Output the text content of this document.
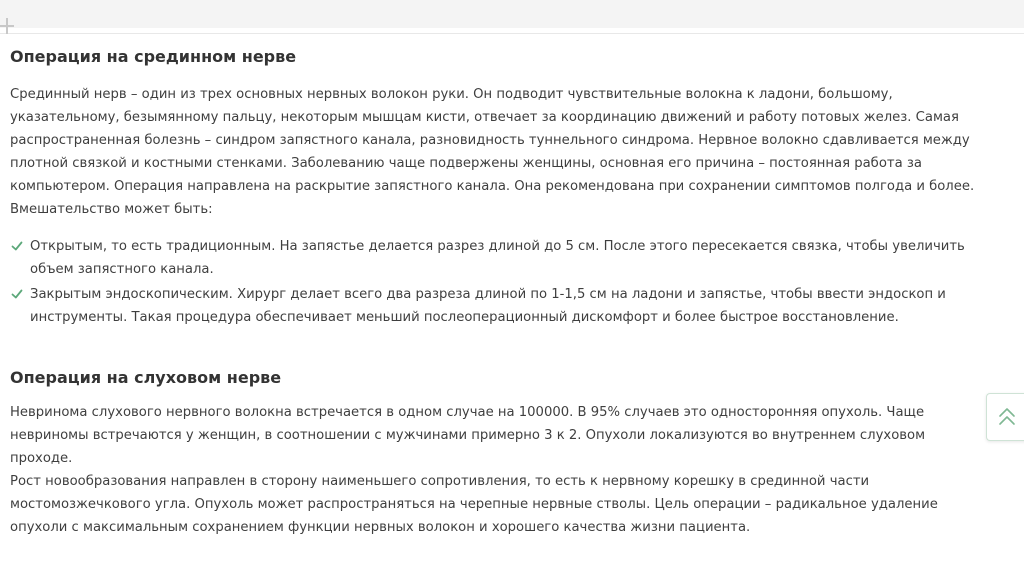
Операция на срединном нерве

Срединный нерв – один из трех основных нервных волокон руки. Он подводит чувствительные волокна к ладони, большому,
указательному, безымянному пальцу, некоторым мышцам кисти, отвечает за координацию движений и работу потовых желез. Самая
распространенная болезнь – синдром запястного канала, разновидность туннельного синдрома. Нервное волокно сдавливается между
плотной связкой и костными стенками. Заболеванию чаще подвержены женщины, основная его причина – постоянная работа за
компьютером. Операция направлена на раскрытие запястного канала. Она рекомендована при сохранении симптомов полгода и более.
Вмешательство может быть:

Открытым, то есть традиционным. На запястье делается разрез длиной до 5 см. После этого пересекается связка, чтобы увеличить
объем запястного канала.
Закрытым эндоскопическим. Хирург делает всего два разреза длиной по 1-1,5 см на ладони и запястье, чтобы ввести эндоскоп и
инструменты. Такая процедура обеспечивает меньший послеоперационный дискомфорт и более быстрое восстановление.
Операция на слуховом нерве

Невринома слухового нервного волокна встречается в одном случае на 100000. В 95% случаев это односторонняя опухоль. Чаще
невриномы встречаются у женщин, в соотношении с мужчинами примерно 3 к 2. Опухоли локализуются во внутреннем слуховом проходе.
Рост новообразования направлен в сторону наименьшего сопротивления, то есть к нервному корешку в срединной части
мостомозжечкового угла. Опухоль может распространяться на черепные нервные стволы. Цель операции – радикальное удаление
опухоли с максимальным сохранением функции нервных волокон и хорошего качества жизни пациента.
